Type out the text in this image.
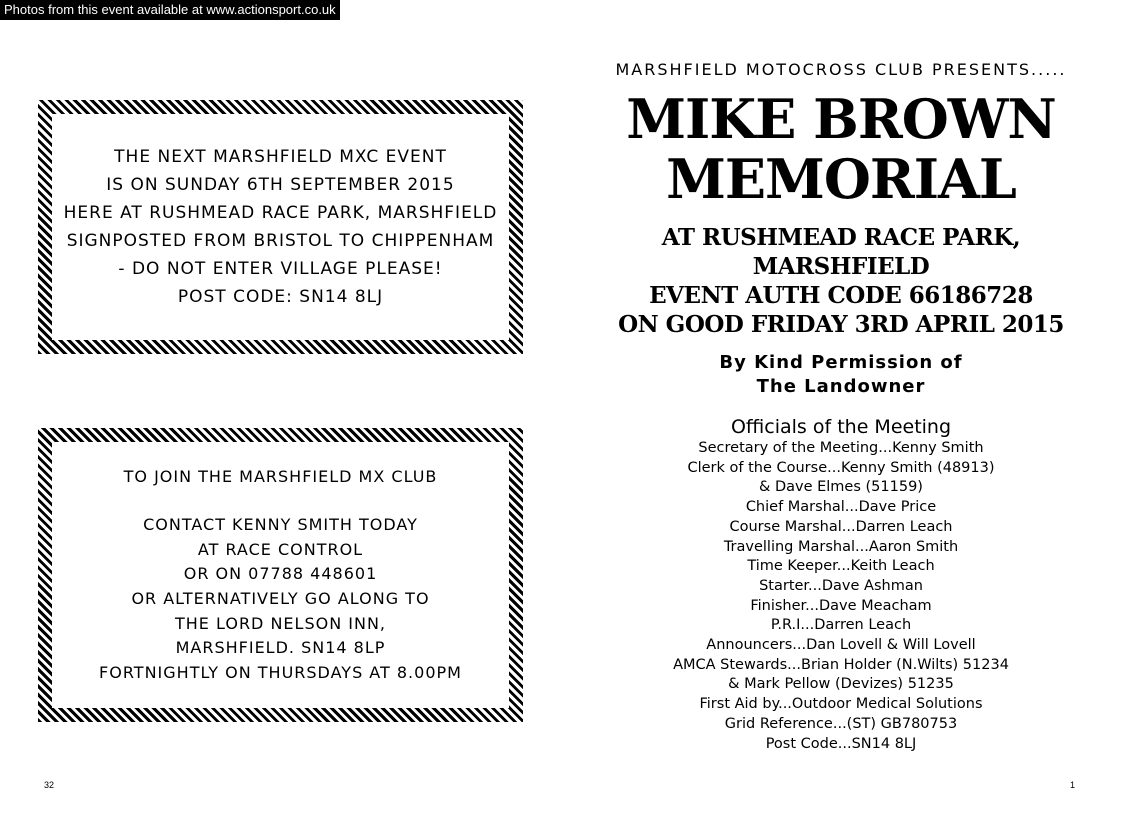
Photos from this event available at www.actionsport.co.uk
THE NEXT MARSHFIELD MXC EVENT
IS ON SUNDAY 6TH SEPTEMBER 2015
HERE AT RUSHMEAD RACE PARK, MARSHFIELD
SIGNPOSTED FROM BRISTOL TO CHIPPENHAM
- DO NOT ENTER VILLAGE PLEASE!
POST CODE: SN14 8LJ
TO JOIN THE MARSHFIELD MX CLUB
CONTACT KENNY SMITH TODAY
AT RACE CONTROL
OR ON 07788 448601
OR ALTERNATIVELY GO ALONG TO
THE LORD NELSON INN,
MARSHFIELD. SN14 8LP
FORTNIGHTLY ON THURSDAYS AT 8.00PM
32
MARSHFIELD MOTOCROSS CLUB PRESENTS.....
MIKE BROWN
MEMORIAL
AT RUSHMEAD RACE PARK,
MARSHFIELD
EVENT AUTH CODE 66186728
ON GOOD FRIDAY 3RD APRIL 2015
By Kind Permission of
The Landowner
Officials of the Meeting
Secretary of the Meeting...Kenny Smith
Clerk of the Course...Kenny Smith (48913)
& Dave Elmes (51159)
Chief Marshal...Dave Price
Course Marshal...Darren Leach
Travelling Marshal...Aaron Smith
Time Keeper...Keith Leach
Starter...Dave Ashman
Finisher...Dave Meacham
P.R.I...Darren Leach
Announcers...Dan Lovell & Will Lovell
AMCA Stewards...Brian Holder (N.Wilts) 51234
& Mark Pellow (Devizes) 51235
First Aid by...Outdoor Medical Solutions
Grid Reference...(ST) GB780753
Post Code...SN14 8LJ
1
